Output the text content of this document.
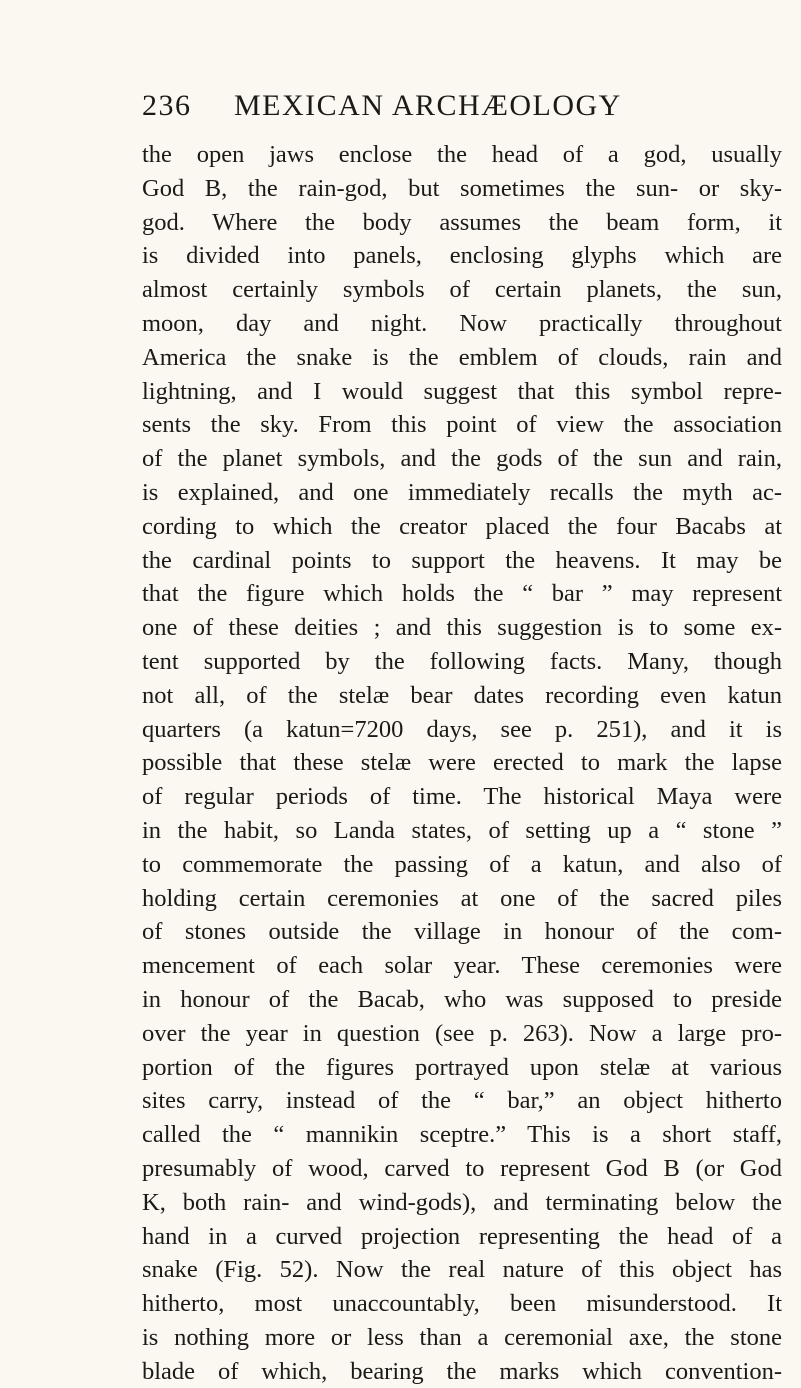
236 MEXICAN ARCHÆOLOGY
the open jaws enclose the head of a god, usually
God B, the rain-god, but sometimes the sun- or sky-
god. Where the body assumes the beam form, it
is divided into panels, enclosing glyphs which are
almost certainly symbols of certain planets, the sun,
moon, day and night. Now practically throughout
America the snake is the emblem of clouds, rain and
lightning, and I would suggest that this symbol repre-
sents the sky. From this point of view the association
of the planet symbols, and the gods of the sun and rain,
is explained, and one immediately recalls the myth ac-
cording to which the creator placed the four Bacabs at
the cardinal points to support the heavens. It may be
that the figure which holds the “ bar ” may represent
one of these deities ; and this suggestion is to some ex-
tent supported by the following facts. Many, though
not all, of the stelæ bear dates recording even katun
quarters (a katun=7200 days, see p. 251), and it is
possible that these stelæ were erected to mark the lapse
of regular periods of time. The historical Maya were
in the habit, so Landa states, of setting up a “ stone ”
to commemorate the passing of a katun, and also of
holding certain ceremonies at one of the sacred piles
of stones outside the village in honour of the com-
mencement of each solar year. These ceremonies were
in honour of the Bacab, who was supposed to preside
over the year in question (see p. 263). Now a large pro-
portion of the figures portrayed upon stelæ at various
sites carry, instead of the “ bar,” an object hitherto
called the “ mannikin sceptre.” This is a short staff,
presumably of wood, carved to represent God B (or God
K, both rain- and wind-gods), and terminating below the
hand in a curved projection representing the head of a
snake (Fig. 52). Now the real nature of this object has
hitherto, most unaccountably, been misunderstood. It
is nothing more or less than a ceremonial axe, the stone
blade of which, bearing the marks which convention-
